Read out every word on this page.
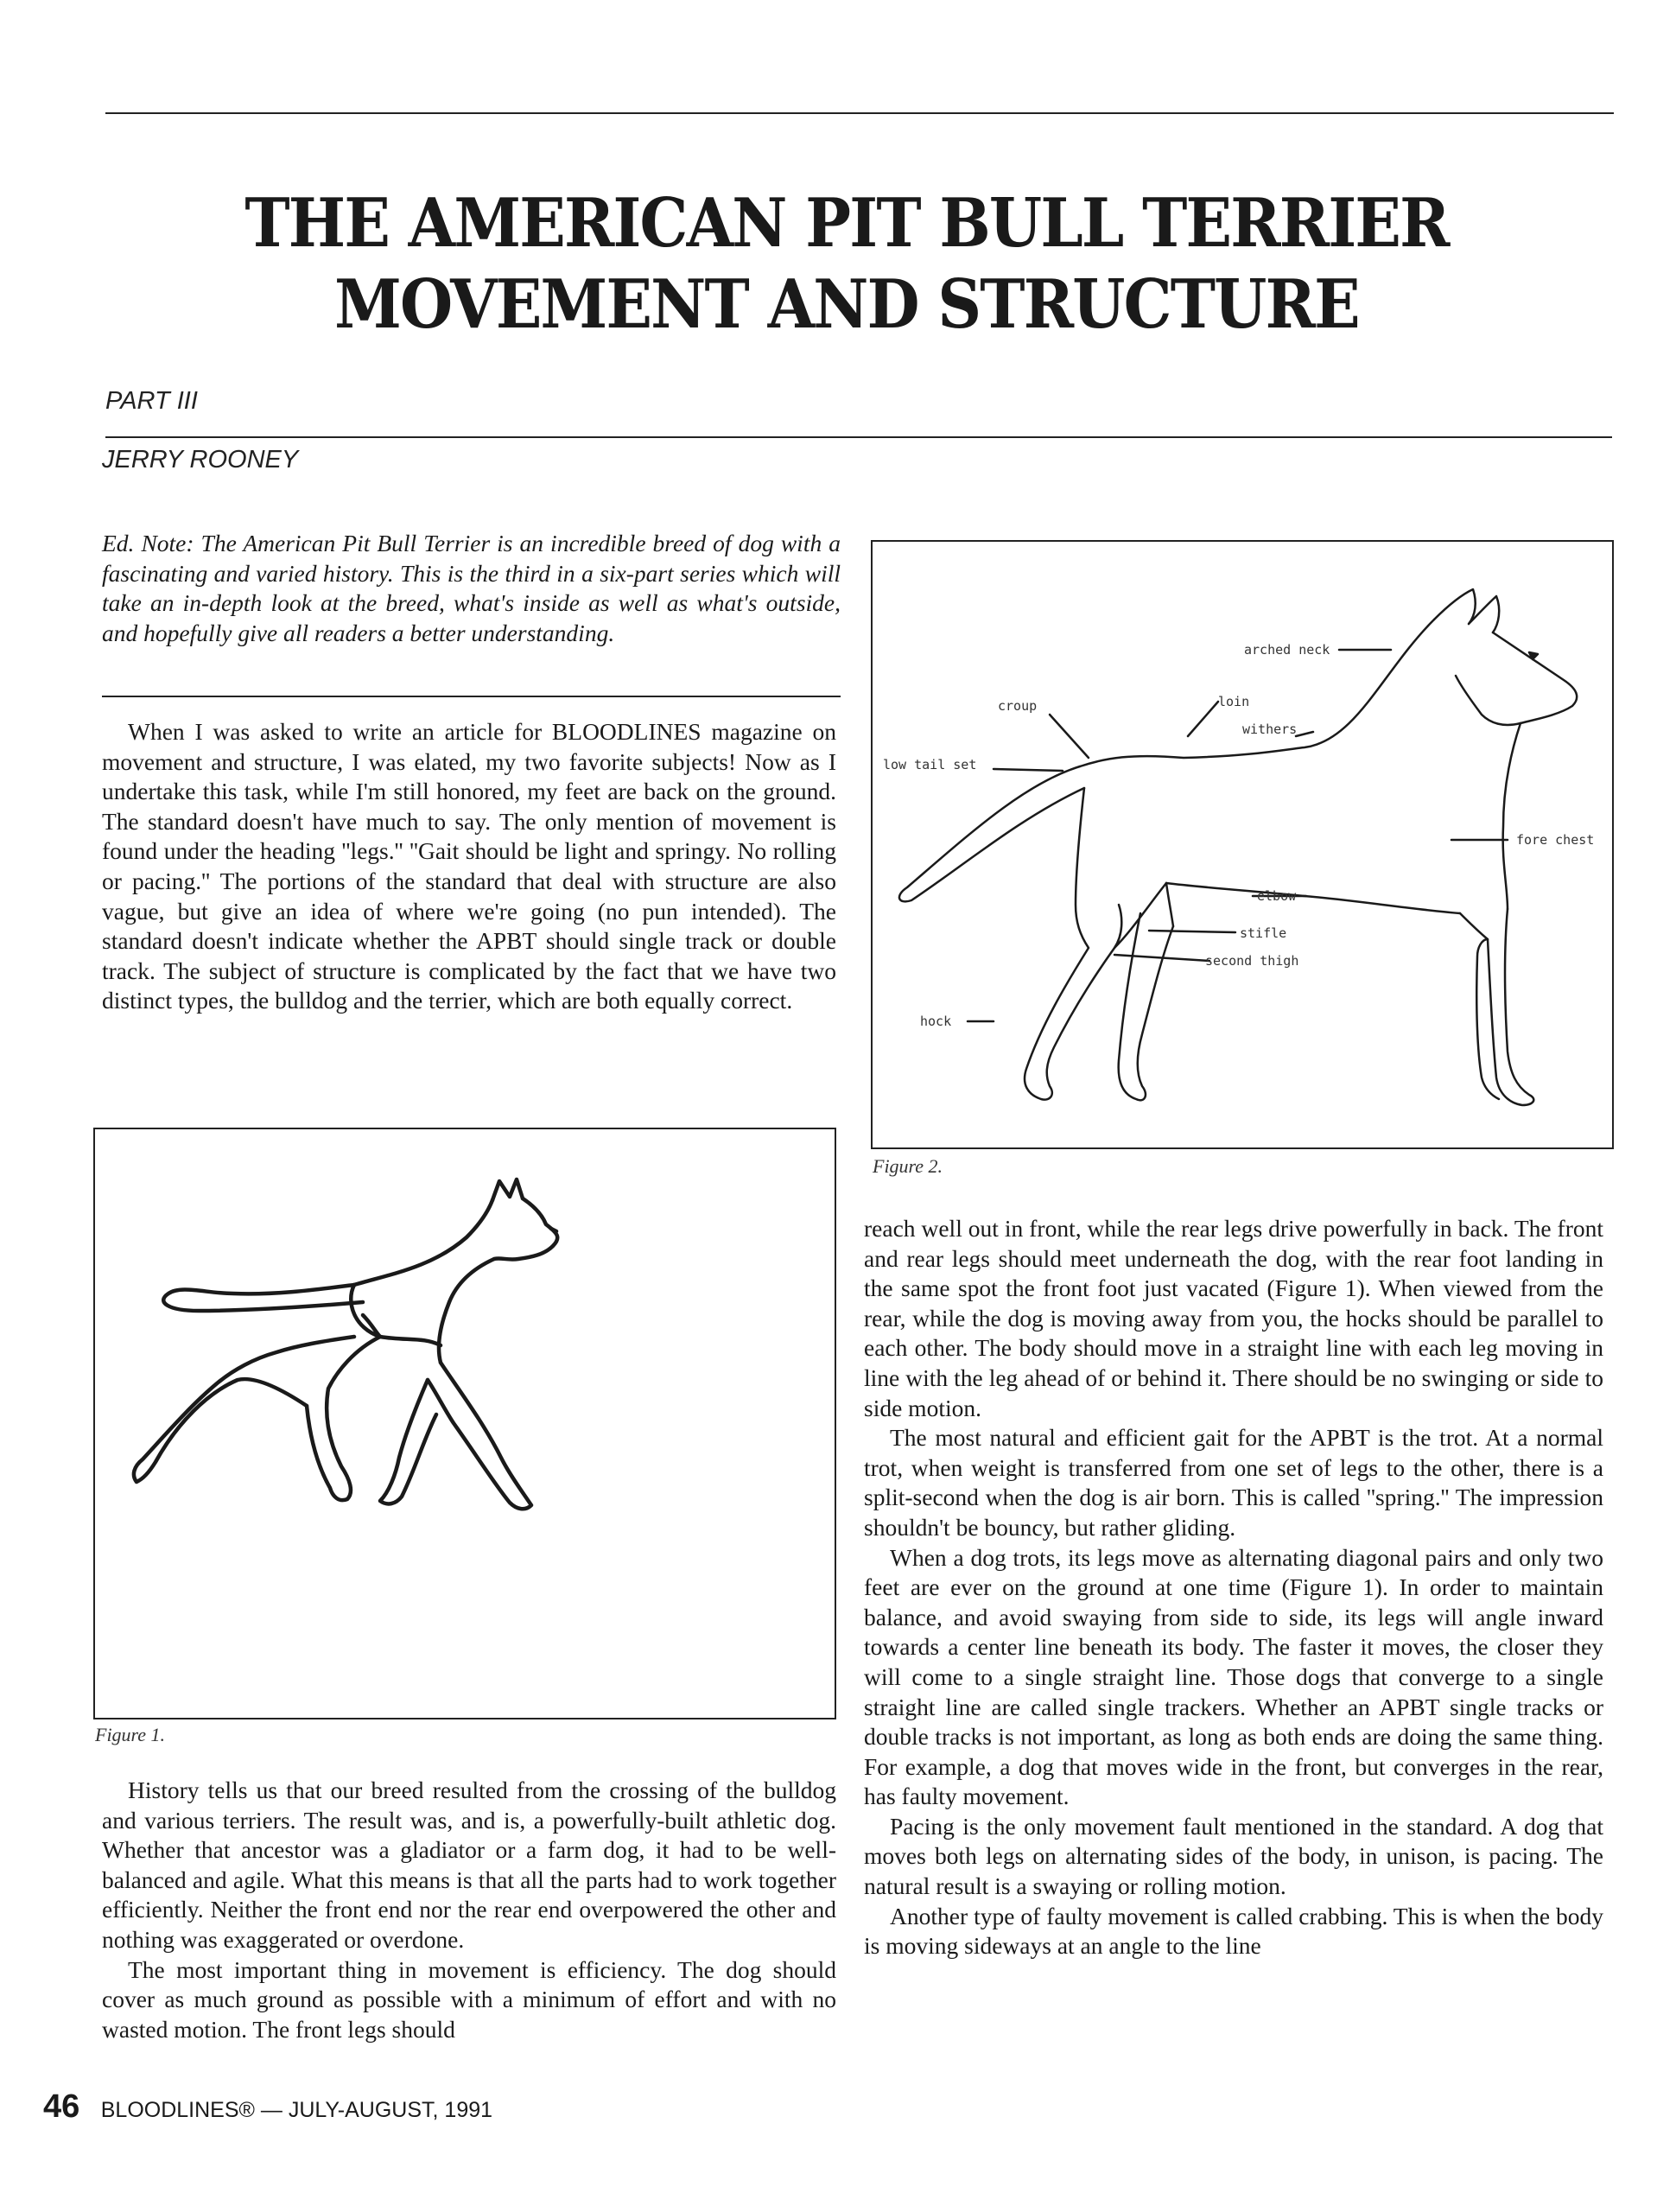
THE AMERICAN PIT BULL TERRIER
MOVEMENT AND STRUCTURE
PART III
JERRY ROONEY
Ed. Note: The American Pit Bull Terrier is an incredible breed of dog with a fascinating and varied history. This is the third in a six-part series which will take an in-depth look at the breed, what's inside as well as what's outside, and hopefully give all readers a better understanding.

When I was asked to write an article for BLOODLINES magazine on movement and structure, I was elated, my two favorite subjects! Now as I undertake this task, while I'm still honored, my feet are back on the ground. The standard doesn't have much to say. The only mention of movement is found under the heading ''legs.'' ''Gait should be light and springy. No rolling or pacing.'' The portions of the standard that deal with structure are also vague, but give an idea of where we're going (no pun intended). The standard doesn't indicate whether the APBT should single track or double track. The subject of structure is complicated by the fact that we have two distinct types, the bulldog and the terrier, which are both equally correct.

Figure 1.

History tells us that our breed resulted from the crossing of the bulldog and various terriers. The result was, and is, a powerfully-built athletic dog. Whether that ancestor was a gladiator or a farm dog, it had to be well-balanced and agile. What this means is that all the parts had to work together efficiently. Neither the front end nor the rear end overpowered the other and nothing was exaggerated or overdone.

The most important thing in movement is efficiency. The dog should cover as much ground as possible with a minimum of effort and with no wasted motion. The front legs should

arched neck
croup	loin
withers
low tail set
fore chest
elbow
stifle
second thigh
hock
Figure 2.

reach well out in front, while the rear legs drive powerfully in back. The front and rear legs should meet underneath the dog, with the rear foot landing in the same spot the front foot just vacated (Figure 1). When viewed from the rear, while the dog is moving away from you, the hocks should be parallel to each other. The body should move in a straight line with each leg moving in line with the leg ahead of or behind it. There should be no swinging or side to side motion.

The most natural and efficient gait for the APBT is the trot. At a normal trot, when weight is transferred from one set of legs to the other, there is a split-second when the dog is air born. This is called ''spring.'' The impression shouldn't be bouncy, but rather gliding.

When a dog trots, its legs move as alternating diagonal pairs and only two feet are ever on the ground at one time (Figure 1). In order to maintain balance, and avoid swaying from side to side, its legs will angle inward towards a center line beneath its body. The faster it moves, the closer they will come to a single straight line. Those dogs that converge to a single straight line are called single trackers. Whether an APBT single tracks or double tracks is not important, as long as both ends are doing the same thing. For example, a dog that moves wide in the front, but converges in the rear, has faulty movement.

Pacing is the only movement fault mentioned in the standard. A dog that moves both legs on alternating sides of the body, in unison, is pacing. The natural result is a swaying or rolling motion.

Another type of faulty movement is called crabbing. This is when the body is moving sideways at an angle to the line

46 BLOODLINES® — JULY-AUGUST, 1991
